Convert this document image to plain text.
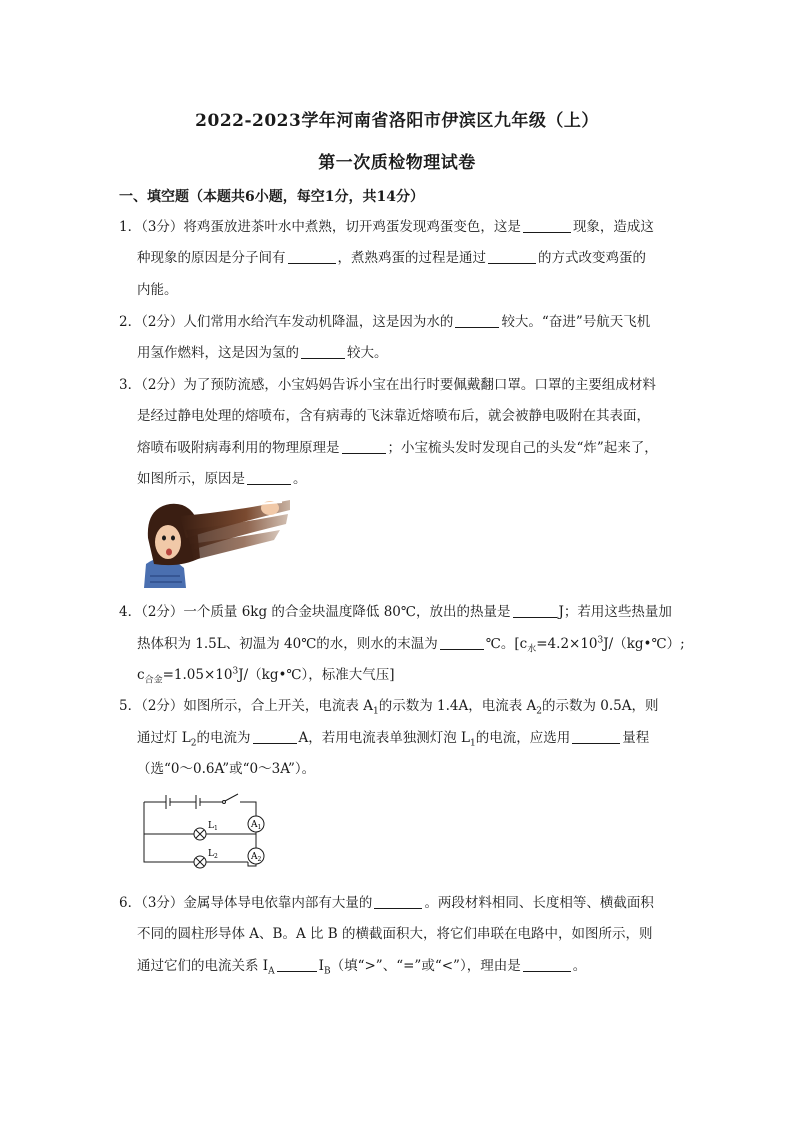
2022-2023学年河南省洛阳市伊滨区九年级（上）
第一次质检物理试卷
一、填空题（本题共6小题，每空1分，共14分）
1．（3分）将鸡蛋放进茶叶水中煮熟，切开鸡蛋发现鸡蛋变色，这是	现象，造成这
种现象的原因是分子间有	，煮熟鸡蛋的过程是通过	的方式改变鸡蛋的
内能。
2．（2分）人们常用水给汽车发动机降温，这是因为水的	较大。“奋进”号航天飞机
用氢作燃料，这是因为氢的	较大。
3．（2分）为了预防流感，小宝妈妈告诉小宝在出行时要佩戴翻口罩。口罩的主要组成材料
是经过静电处理的熔喷布，含有病毒的飞沫靠近熔喷布后，就会被静电吸附在其表面，
熔喷布吸附病毒利用的物理原理是	；小宝梳头发时发现自己的头发“炸”起来了，
如图所示，原因是	。
4．（2分）一个质量 6kg 的合金块温度降低 80℃，放出的热量是	J；若用这些热量加
热体积为 1.5L、初温为 40℃的水，则水的末温为	℃。[$c_水=4.2\times 10^3J/(kg•℃)$;
$c_{合金}=1.05\times 10^3J/(kg•℃)$，标准大气压]
5．（2分）如图所示，合上开关，电流表 $A_1$的示数为 1.4A，电流表 $A_2$的示数为 0.5A，则
通过灯 $L_2$的电流为	A，若用电流表单独测灯泡 $L_1$的电流，应选用	量程
（选“0～0.6A”或“0～3A”）。
$L_1$
$L_2$
$A_1$
$A_2$
6．（3分）金属导体导电依靠内部有大量的	。两段材料相同、长度相等、横截面积
不同的圆柱形导体 A、B。A 比 B 的横截面积大，将它们串联在电路中，如图所示，则
通过它们的电流关系 $I_A$	$I_B$（填“>”、“=”或“<”），理由是	。
